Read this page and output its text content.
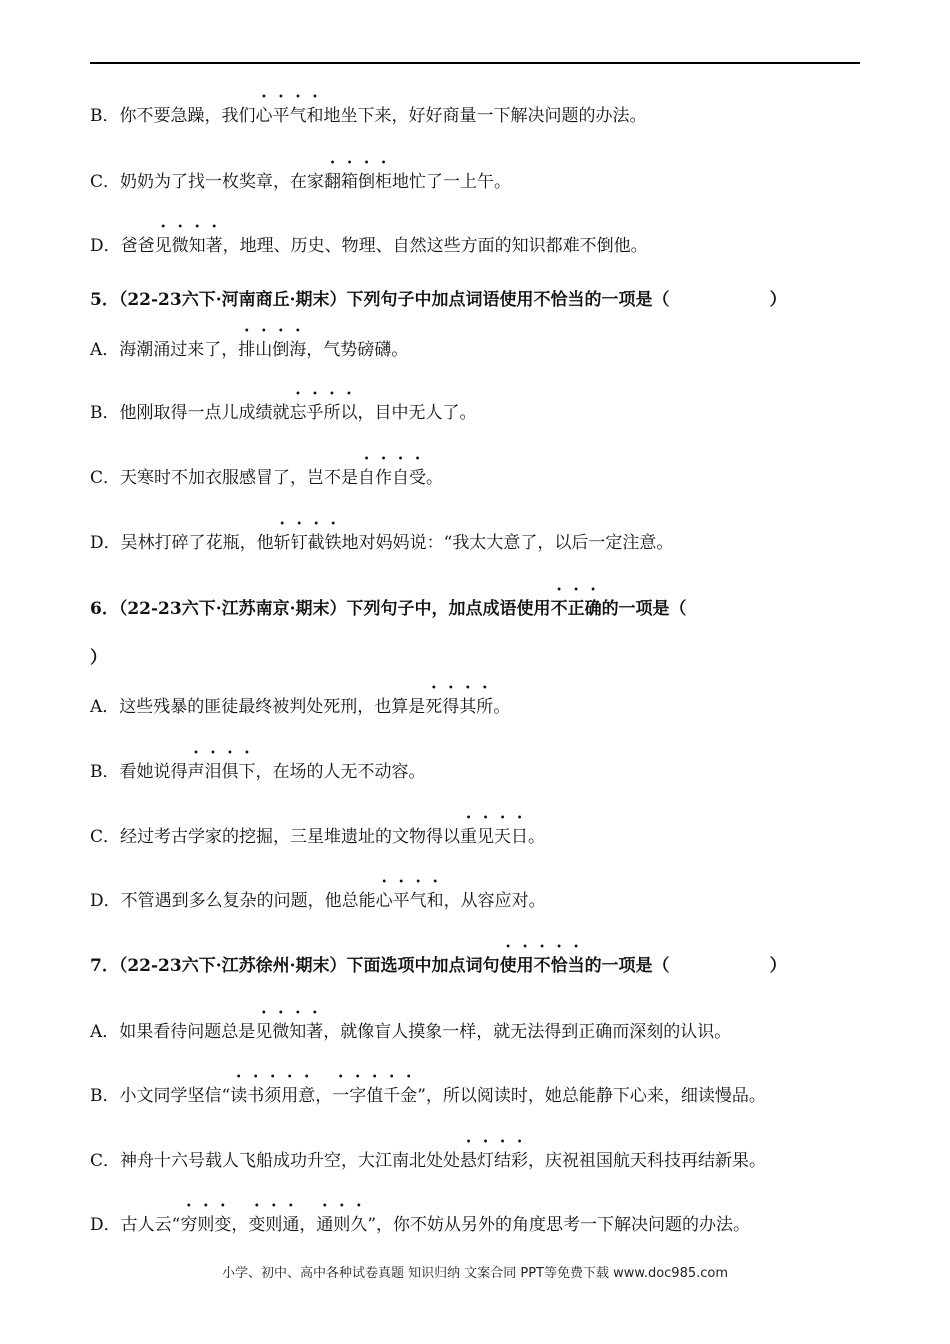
B．你不要急躁，我们心平气和地坐下来，好好商量一下解决问题的办法。
C．奶奶为了找一枚奖章，在家翻箱倒柜地忙了一上午。
D．爸爸见微知著，地理、历史、物理、自然这些方面的知识都难不倒他。
5．（22-23六下·河南商丘·期末）下列句子中加点词语使用不恰当的一项是（	）
A．海潮涌过来了，排山倒海，气势磅礴。
B．他刚取得一点儿成绩就忘乎所以，目中无人了。
C．天寒时不加衣服感冒了，岂不是自作自受。
D．吴林打碎了花瓶，他斩钉截铁地对妈妈说：“我太大意了，以后一定注意。
6．（22-23六下·江苏南京·期末）下列句子中，加点成语使用不正确的一项是（
）
A．这些残暴的匪徒最终被判处死刑，也算是死得其所。
B．看她说得声泪俱下，在场的人无不动容。
C．经过考古学家的挖掘，三星堆遗址的文物得以重见天日。
D．不管遇到多么复杂的问题，他总能心平气和，从容应对。
7．（22-23六下·江苏徐州·期末）下面选项中加点词句使用不恰当的一项是（	）
A．如果看待问题总是见微知著，就像盲人摸象一样，就无法得到正确而深刻的认识。
B．小文同学坚信“读书须用意，一字值千金”，所以阅读时，她总能静下心来，细读慢品。
C．神舟十六号载人飞船成功升空，大江南北处处悬灯结彩，庆祝祖国航天科技再结新果。
D．古人云“穷则变，变则通，通则久”，你不妨从另外的角度思考一下解决问题的办法。
小学、初中、高中各种试卷真题 知识归纳 文案合同 PPT等免费下载 www.doc985.com
